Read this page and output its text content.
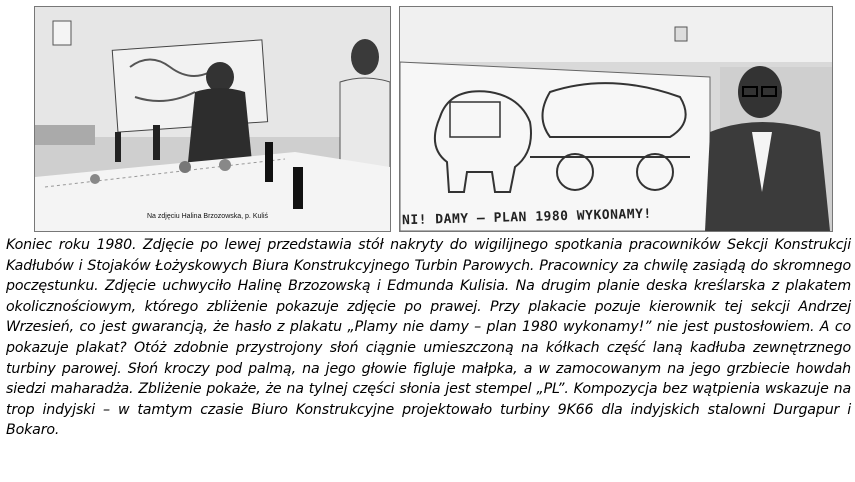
Na zdjęciu Halina Brzozowska, p. Kuliś	NI! DAMY – PLAN 1980 WYKONAMY!

Koniec roku 1980. Zdjęcie po lewej przedstawia stół nakryty do wigilijnego spotkania pracowników Sekcji Konstrukcji Kadłubów i Stojaków Łożyskowych Biura Konstrukcyjnego Turbin Parowych. Pracownicy za chwilę zasiądą do skromnego poczęstunku. Zdjęcie uchwyciło Halinę Brzozowską i Edmunda Kulisia. Na drugim planie deska kreślarska z plakatem okolicznościowym, którego zbliżenie pokazuje zdjęcie po prawej. Przy plakacie pozuje kierownik tej sekcji Andrzej Wrzesień, co jest gwarancją, że hasło z plakatu „Plamy nie damy – plan 1980 wykonamy!” nie jest pustosłowiem. A co pokazuje plakat? Otóż zdobnie przystrojony słoń ciągnie umieszczoną na kółkach część laną kadłuba zewnętrznego turbiny parowej. Słoń kroczy pod palmą, na jego głowie figluje małpka, a w zamocowanym na jego grzbiecie howdah siedzi maharadża. Zbliżenie pokaże, że na tylnej części słonia jest stempel „PL”. Kompozycja bez wątpienia wskazuje na trop indyjski – w tamtym czasie Biuro Konstrukcyjne projektowało turbiny 9K66 dla indyjskich stalowni Durgapur i Bokaro.
